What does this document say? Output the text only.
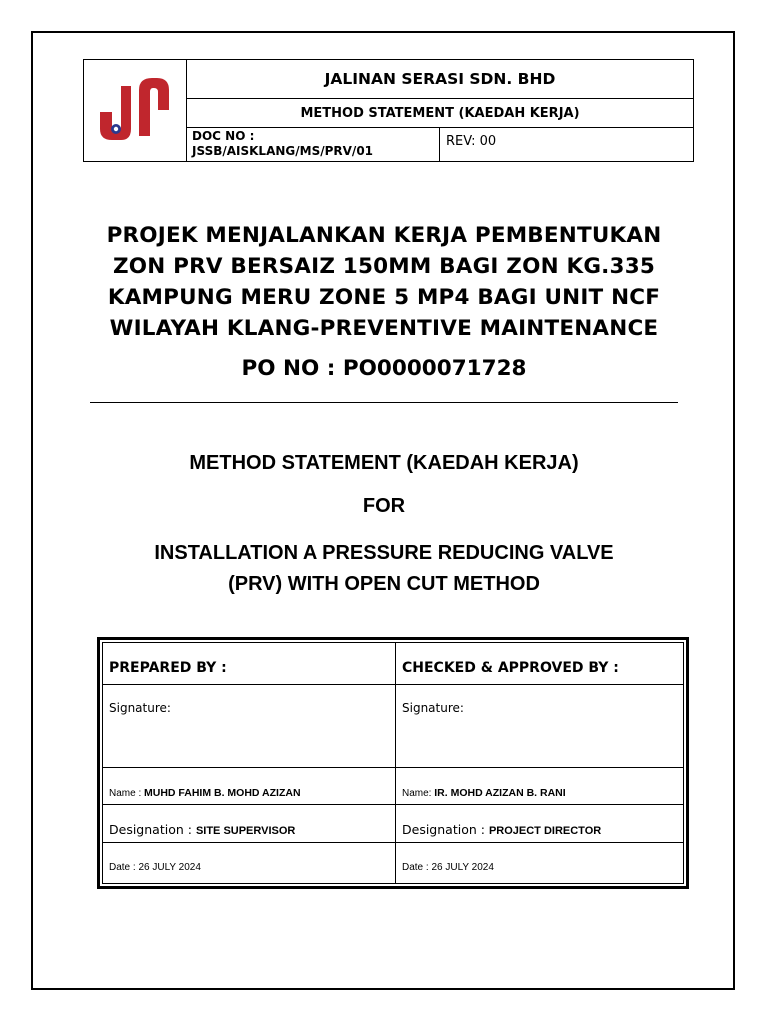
JALINAN SERASI SDN. BHD
METHOD STATEMENT (KAEDAH KERJA)
DOC NO :
JSSB/AISKLANG/MS/PRV/01
REV: 00
PROJEK MENJALANKAN KERJA PEMBENTUKAN
ZON PRV BERSAIZ 150MM BAGI ZON KG.335
KAMPUNG MERU ZONE 5 MP4 BAGI UNIT NCF
WILAYAH KLANG-PREVENTIVE MAINTENANCE
PO NO : PO0000071728
METHOD STATEMENT (KAEDAH KERJA)
FOR
INSTALLATION A PRESSURE REDUCING VALVE
(PRV) WITH OPEN CUT METHOD
PREPARED BY :
Signature:
Name : MUHD FAHIM B. MOHD AZIZAN
Designation : SITE SUPERVISOR
Date : 26 JULY 2024
CHECKED & APPROVED BY :
Signature:
Name: IR. MOHD AZIZAN B. RANI
Designation : PROJECT DIRECTOR
Date : 26 JULY 2024
